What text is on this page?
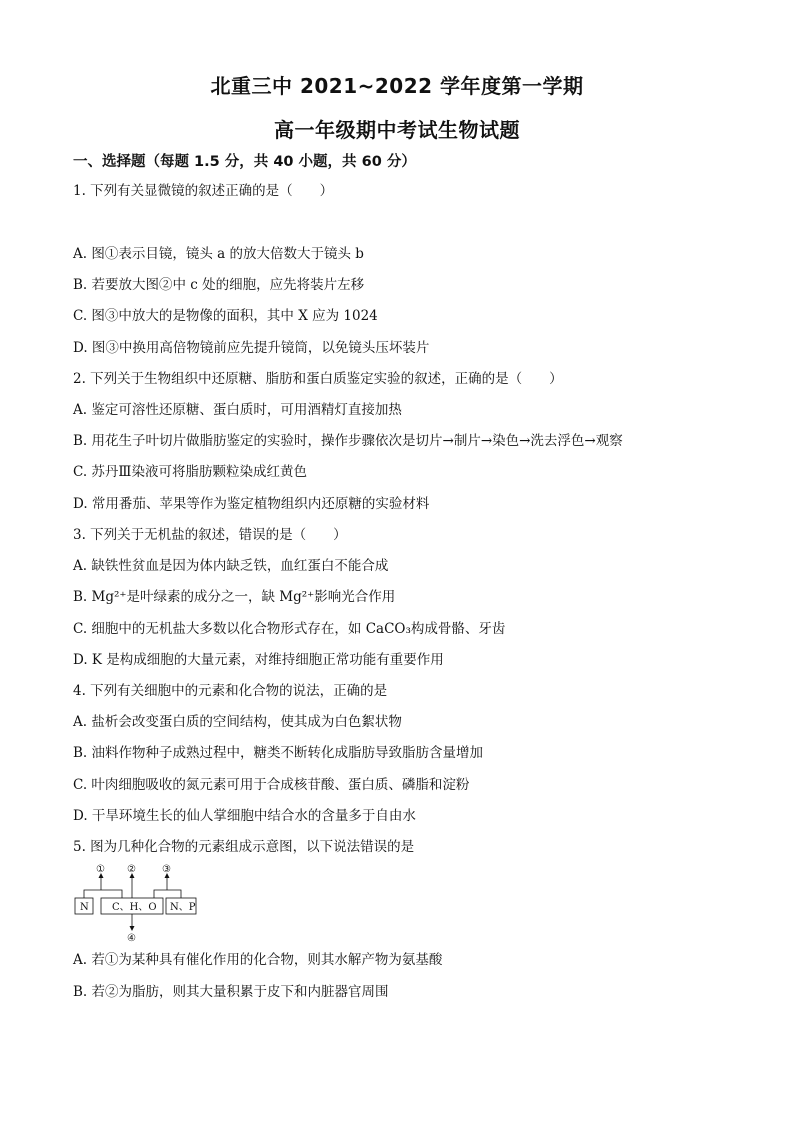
北重三中 2021~2022 学年度第一学期
高一年级期中考试生物试题
一、选择题（每题 1.5 分，共 40 小题，共 60 分）
1. 下列有关显微镜的叙述正确的是（　　）
A. 图①表示目镜，镜头 a 的放大倍数大于镜头 b
B. 若要放大图②中 c 处的细胞，应先将装片左移
C. 图③中放大的是物像的面积，其中 X 应为 1024
D. 图③中换用高倍物镜前应先提升镜筒，以免镜头压坏装片
2. 下列关于生物组织中还原糖、脂肪和蛋白质鉴定实验的叙述，正确的是（　　）
A. 鉴定可溶性还原糖、蛋白质时，可用酒精灯直接加热
B. 用花生子叶切片做脂肪鉴定的实验时，操作步骤依次是切片→制片→染色→洗去浮色→观察
C. 苏丹Ⅲ染液可将脂肪颗粒染成红黄色
D. 常用番茄、苹果等作为鉴定植物组织内还原糖的实验材料
3. 下列关于无机盐的叙述，错误的是（　　）
A. 缺铁性贫血是因为体内缺乏铁，血红蛋白不能合成
B. Mg²⁺是叶绿素的成分之一，缺 Mg²⁺影响光合作用
C. 细胞中的无机盐大多数以化合物形式存在，如 CaCO₃构成骨骼、牙齿
D. K 是构成细胞的大量元素，对维持细胞正常功能有重要作用
4. 下列有关细胞中的元素和化合物的说法，正确的是
A. 盐析会改变蛋白质的空间结构，使其成为白色絮状物
B. 油料作物种子成熟过程中，糖类不断转化成脂肪导致脂肪含量增加
C. 叶肉细胞吸收的氮元素可用于合成核苷酸、蛋白质、磷脂和淀粉
D. 干旱环境生长的仙人掌细胞中结合水的含量多于自由水
5. 图为几种化合物的元素组成示意图，以下说法错误的是
N C、H、O N、P
① ②	③
④
A. 若①为某种具有催化作用的化合物，则其水解产物为氨基酸
B. 若②为脂肪，则其大量积累于皮下和内脏器官周围
